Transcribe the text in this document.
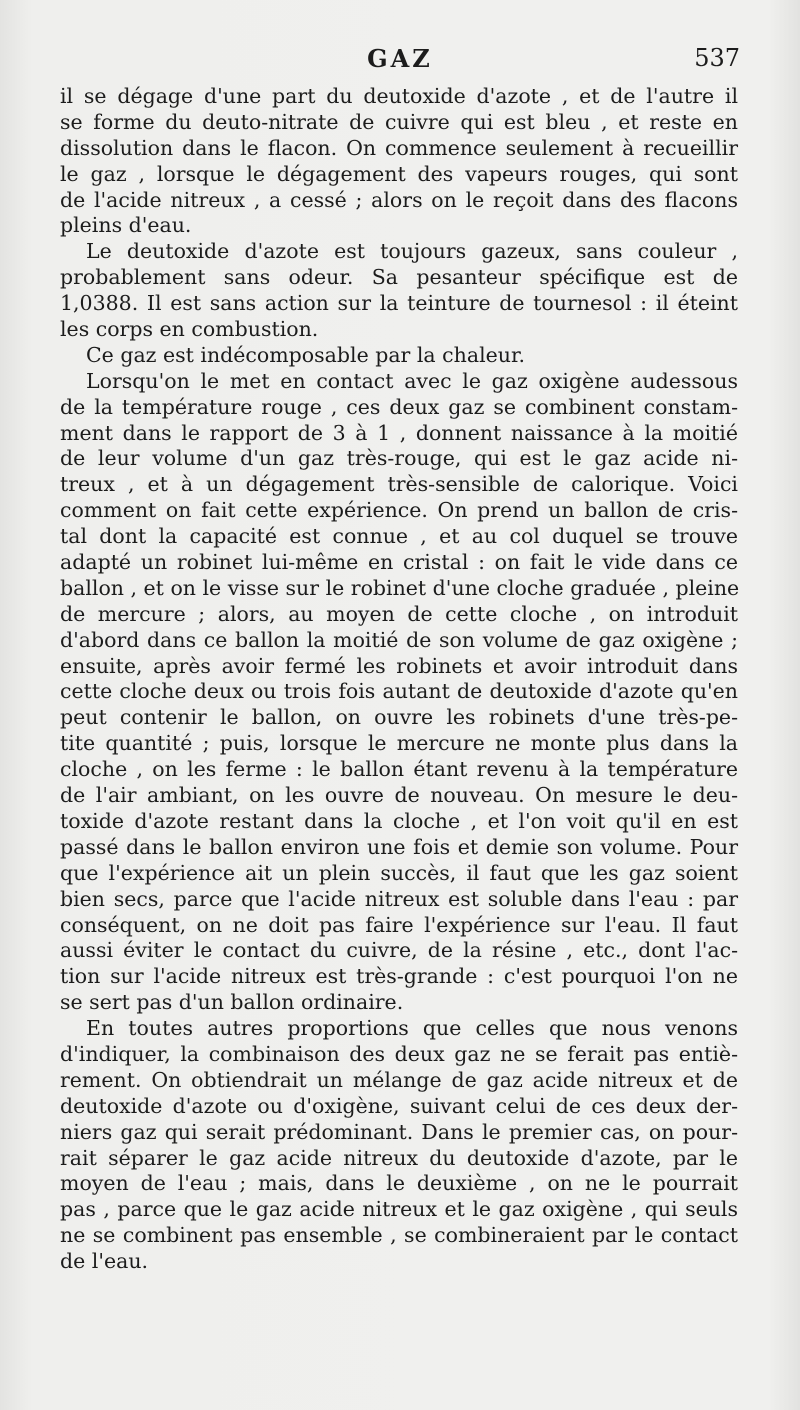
GAZ	537
il se dégage d'une part du deutoxide d'azote , et de l'autre il
se forme du deuto-nitrate de cuivre qui est bleu , et reste en
dissolution dans le flacon. On commence seulement à recueillir
le gaz , lorsque le dégagement des vapeurs rouges, qui sont
de l'acide nitreux , a cessé ; alors on le reçoit dans des flacons
pleins d'eau.
Le deutoxide d'azote est toujours gazeux, sans couleur ,
probablement sans odeur. Sa pesanteur spécifique est de
1,0388. Il est sans action sur la teinture de tournesol : il éteint
les corps en combustion.
Ce gaz est indécomposable par la chaleur.
Lorsqu'on le met en contact avec le gaz oxigène audessous
de la température rouge , ces deux gaz se combinent constam-
ment dans le rapport de 3 à 1 , donnent naissance à la moitié
de leur volume d'un gaz très-rouge, qui est le gaz acide ni-
treux , et à un dégagement très-sensible de calorique. Voici
comment on fait cette expérience. On prend un ballon de cris-
tal dont la capacité est connue , et au col duquel se trouve
adapté un robinet lui-même en cristal : on fait le vide dans ce
ballon , et on le visse sur le robinet d'une cloche graduée , pleine
de mercure ; alors, au moyen de cette cloche , on introduit
d'abord dans ce ballon la moitié de son volume de gaz oxigène ;
ensuite, après avoir fermé les robinets et avoir introduit dans
cette cloche deux ou trois fois autant de deutoxide d'azote qu'en
peut contenir le ballon, on ouvre les robinets d'une très-pe-
tite quantité ; puis, lorsque le mercure ne monte plus dans la
cloche , on les ferme : le ballon étant revenu à la température
de l'air ambiant, on les ouvre de nouveau. On mesure le deu-
toxide d'azote restant dans la cloche , et l'on voit qu'il en est
passé dans le ballon environ une fois et demie son volume. Pour
que l'expérience ait un plein succès, il faut que les gaz soient
bien secs, parce que l'acide nitreux est soluble dans l'eau : par
conséquent, on ne doit pas faire l'expérience sur l'eau. Il faut
aussi éviter le contact du cuivre, de la résine , etc., dont l'ac-
tion sur l'acide nitreux est très-grande : c'est pourquoi l'on ne
se sert pas d'un ballon ordinaire.
En toutes autres proportions que celles que nous venons
d'indiquer, la combinaison des deux gaz ne se ferait pas entiè-
rement. On obtiendrait un mélange de gaz acide nitreux et de
deutoxide d'azote ou d'oxigène, suivant celui de ces deux der-
niers gaz qui serait prédominant. Dans le premier cas, on pour-
rait séparer le gaz acide nitreux du deutoxide d'azote, par le
moyen de l'eau ; mais, dans le deuxième , on ne le pourrait
pas , parce que le gaz acide nitreux et le gaz oxigène , qui seuls
ne se combinent pas ensemble , se combineraient par le contact
de l'eau.
